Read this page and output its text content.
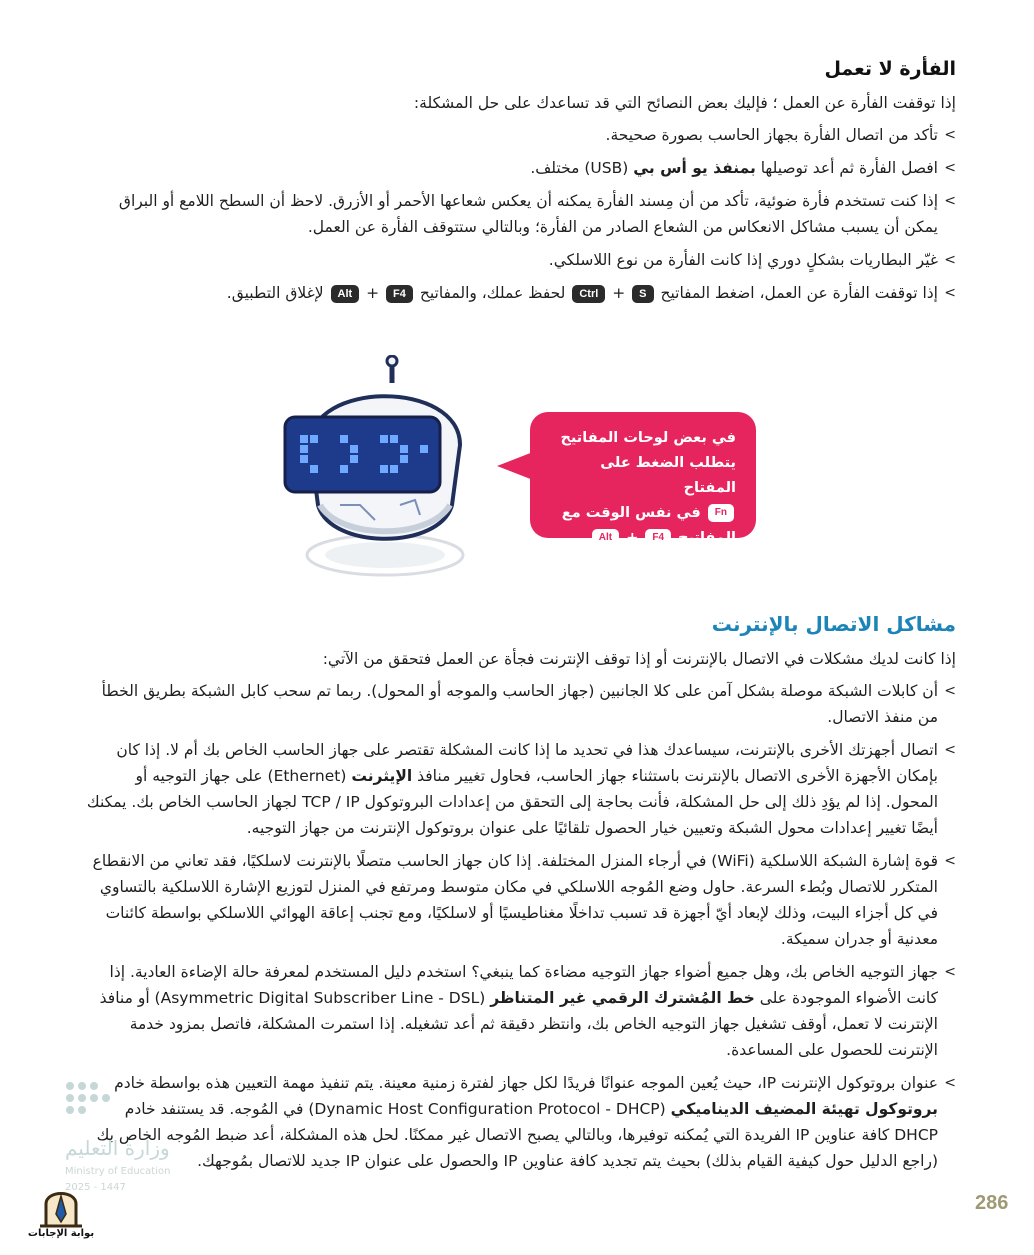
الفأرة لا تعمل
إذا توقفت الفأرة عن العمل ؛ فإليك بعض النصائح التي قد تساعدك على حل المشكلة:
> تأكد من اتصال الفأرة بجهاز الحاسب بصورة صحيحة.
> افصل الفأرة ثم أعد توصيلها بمنفذ يو أس بي (USB) مختلف.
> إذا كنت تستخدم فأرة ضوئية، تأكد من أن مِسند الفأرة يمكنه أن يعكس شعاعها الأحمر أو الأزرق. لاحظ أن السطح اللامع أو البراق
يمكن أن يسبب مشاكل الانعكاس من الشعاع الصادر من الفأرة؛ وبالتالي ستتوقف الفأرة عن العمل.
> غيّر البطاريات بشكلٍ دوري إذا كانت الفأرة من نوع اللاسلكي.
> إذا توقفت الفأرة عن العمل، اضغط المفاتيح S + Ctrl لحفظ عملك، والمفاتيح F4 + Alt لإغلاق التطبيق.
في بعض لوحات المفاتيح
يتطلب الضغط على المفتاح
Fn في نفس الوقت مع
المفاتيح F4 + Alt .
مشاكل الاتصال بالإنترنت
إذا كانت لديك مشكلات في الاتصال بالإنترنت أو إذا توقف الإنترنت فجأة عن العمل فتحقق من الآتي:
> أن كابلات الشبكة موصلة بشكل آمن على كلا الجانبين (جهاز الحاسب والموجه أو المحول). ربما تم سحب كابل الشبكة بطريق الخطأ من منفذ الاتصال.
> اتصال أجهزتك الأخرى بالإنترنت، سيساعدك هذا في تحديد ما إذا كانت المشكلة تقتصر على جهاز الحاسب الخاص بك أم لا. إذا كان بإمكان الأجهزة الأخرى الاتصال بالإنترنت باستثناء جهاز الحاسب، فحاول تغيير منافذ الإيثرنت (Ethernet) على جهاز التوجيه أو المحول. إذا لم يؤدِ ذلك إلى حل المشكلة، فأنت بحاجة إلى التحقق من إعدادات البروتوكول TCP / IP لجهاز الحاسب الخاص بك. يمكنك أيضًا تغيير إعدادات محول الشبكة وتعيين خيار الحصول تلقائيًا على عنوان بروتوكول الإنترنت من جهاز التوجيه.
> قوة إشارة الشبكة اللاسلكية (WiFi) في أرجاء المنزل المختلفة. إذا كان جهاز الحاسب متصلًا بالإنترنت لاسلكيًا، فقد تعاني من الانقطاع المتكرر للاتصال وبُطء السرعة. حاول وضع المُوجه اللاسلكي في مكان متوسط ومرتفع في المنزل لتوزيع الإشارة اللاسلكية بالتساوي في كل أجزاء البيت، وذلك لإبعاد أيّ أجهزة قد تسبب تداخلًا مغناطيسيًا أو لاسلكيًا، ومع تجنب إعاقة الهوائي اللاسلكي بواسطة كائنات معدنية أو جدران سميكة.
> جهاز التوجيه الخاص بك، وهل جميع أضواء جهاز التوجيه مضاءة كما ينبغي؟ استخدم دليل المستخدم لمعرفة حالة الإضاءة العادية. إذا كانت الأضواء الموجودة على خط المُشترك الرقمي غير المتناظر (Asymmetric Digital Subscriber Line - DSL) أو منافذ الإنترنت لا تعمل، أوقف تشغيل جهاز التوجيه الخاص بك، وانتظر دقيقة ثم أعد تشغيله. إذا استمرت المشكلة، فاتصل بمزود خدمة الإنترنت للحصول على المساعدة.
> عنوان بروتوكول الإنترنت IP، حيث يُعين الموجه عنوانًا فريدًا لكل جهاز لفترة زمنية معينة. يتم تنفيذ مهمة التعيين هذه بواسطة خادم بروتوكول تهيئة المضيف الديناميكي (Dynamic Host Configuration Protocol - DHCP) في المُوجه. قد يستنفد خادم DHCP كافة عناوين IP الفريدة التي يُمكنه توفيرها، وبالتالي يصبح الاتصال غير ممكنًا. لحل هذه المشكلة، أعد ضبط المُوجه الخاص بك (راجع الدليل حول كيفية القيام بذلك) بحيث يتم تجديد كافة عناوين IP والحصول على عنوان IP جديد للاتصال بمُوجهك.
وزارة التعليم
Ministry of Education
2025 - 1447
بوابة الإجابات
286
